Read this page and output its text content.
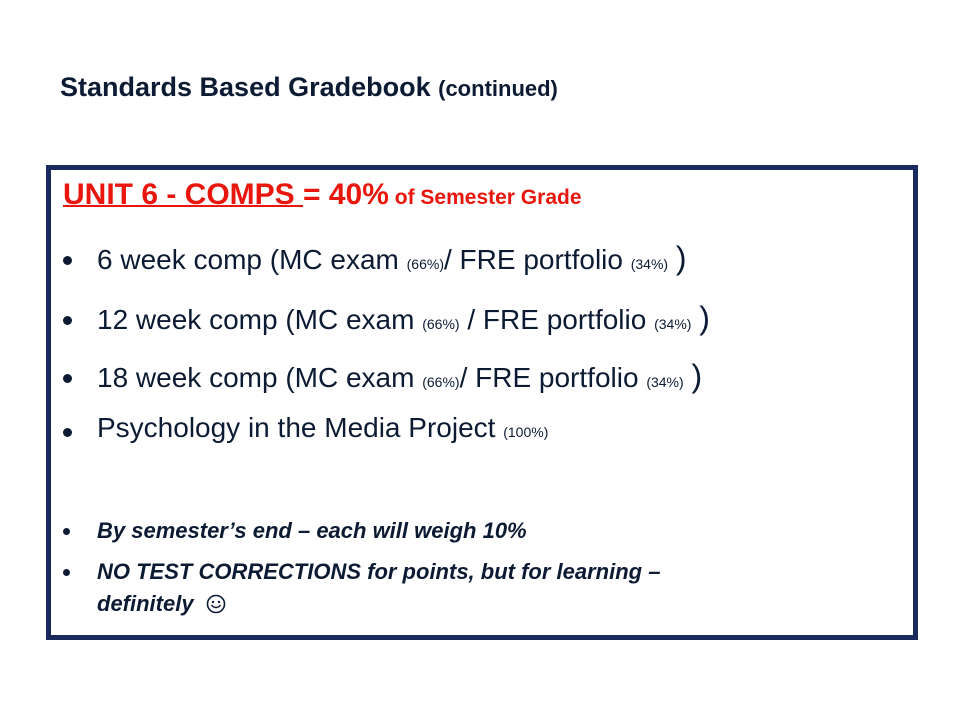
Standards Based Gradebook (continued)
UNIT 6 - COMPS = 40% of Semester Grade
6 week comp (MC exam (66%)/ FRE portfolio (34%) )
12 week comp (MC exam (66%) / FRE portfolio (34%) )
18 week comp (MC exam (66%)/ FRE portfolio (34%) )
Psychology in the Media Project (100%)
By semester’s end – each will weigh 10%
NO TEST CORRECTIONS for points, but for learning –
definitely
